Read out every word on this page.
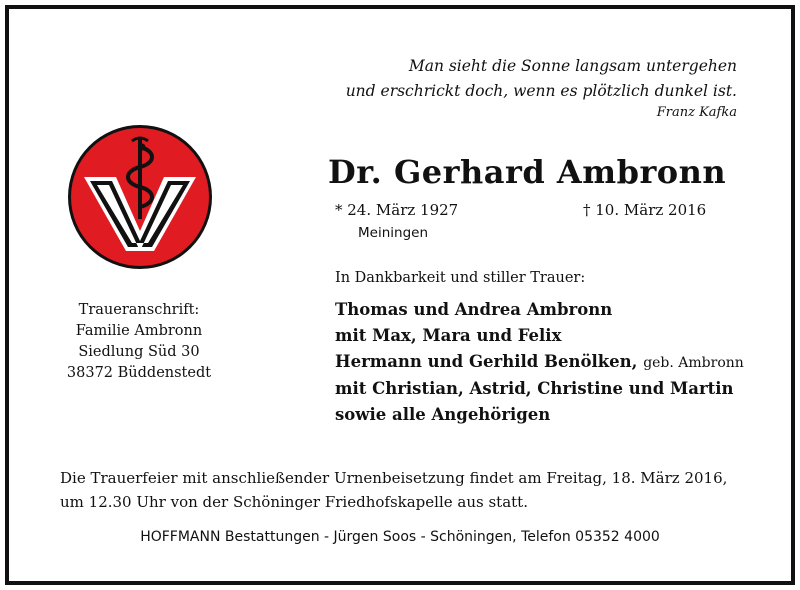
Man sieht die Sonne langsam untergehen
und erschrickt doch, wenn es plötzlich dunkel ist.
Franz Kafka
Dr. Gerhard Ambronn
* 24. März 1927	† 10. März 2016
Meiningen
In Dankbarkeit und stiller Trauer:
Thomas und Andrea Ambronn
mit Max, Mara und Felix
Hermann und Gerhild Benölken, geb. Ambronn
mit Christian, Astrid, Christine und Martin
sowie alle Angehörigen
Traueranschrift:
Familie Ambronn
Siedlung Süd 30
38372 Büddenstedt
Die Trauerfeier mit anschließender Urnenbeisetzung findet am Freitag, 18. März 2016,
um 12.30 Uhr von der Schöninger Friedhofskapelle aus statt.
HOFFMANN Bestattungen - Jürgen Soos - Schöningen, Telefon 05352 4000
